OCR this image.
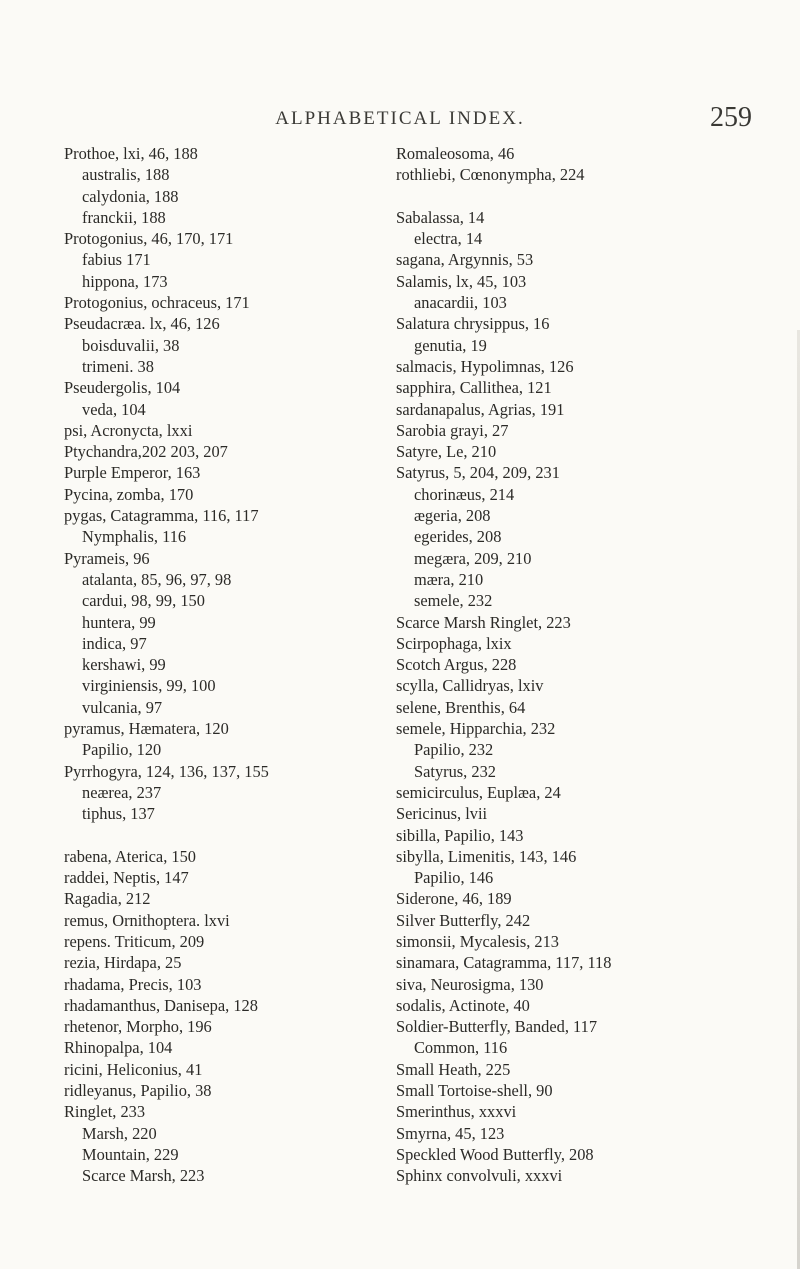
ALPHABETICAL INDEX.	259
Prothoe, lxi, 46, 188
australis, 188
calydonia, 188
franckii, 188
Protogonius, 46, 170, 171
fabius 171
hippona, 173
Protogonius, ochraceus, 171
Pseudacræa. lx, 46, 126
boisduvalii, 38
trimeni. 38
Pseudergolis, 104
veda, 104
psi, Acronycta, lxxi
Ptychandra,202 203, 207
Purple Emperor, 163
Pycina, zomba, 170
pygas, Catagramma, 116, 117
Nymphalis, 116
Pyrameis, 96
atalanta, 85, 96, 97, 98
cardui, 98, 99, 150
huntera, 99
indica, 97
kershawi, 99
virginiensis, 99, 100
vulcania, 97
pyramus, Hæmatera, 120
Papilio, 120
Pyrrhogyra, 124, 136, 137, 155
neærea, 237
tiphus, 137
rabena, Aterica, 150
raddei, Neptis, 147
Ragadia, 212
remus, Ornithoptera. lxvi
repens. Triticum, 209
rezia, Hirdapa, 25
rhadama, Precis, 103
rhadamanthus, Danisepa, 128
rhetenor, Morpho, 196
Rhinopalpa, 104
ricini, Heliconius, 41
ridleyanus, Papilio, 38
Ringlet, 233
Marsh, 220
Mountain, 229
Scarce Marsh, 223
Romaleosoma, 46
rothliebi, Cœnonympha, 224
Sabalassa, 14
electra, 14
sagana, Argynnis, 53
Salamis, lx, 45, 103
anacardii, 103
Salatura chrysippus, 16
genutia, 19
salmacis, Hypolimnas, 126
sapphira, Callithea, 121
sardanapalus, Agrias, 191
Sarobia grayi, 27
Satyre, Le, 210
Satyrus, 5, 204, 209, 231
chorinæus, 214
ægeria, 208
egerides, 208
megæra, 209, 210
mæra, 210
semele, 232
Scarce Marsh Ringlet, 223
Scirpophaga, lxix
Scotch Argus, 228
scylla, Callidryas, lxiv
selene, Brenthis, 64
semele, Hipparchia, 232
Papilio, 232
Satyrus, 232
semicirculus, Euplæa, 24
Sericinus, lvii
sibilla, Papilio, 143
sibylla, Limenitis, 143, 146
Papilio, 146
Siderone, 46, 189
Silver Butterfly, 242
simonsii, Mycalesis, 213
sinamara, Catagramma, 117, 118
siva, Neurosigma, 130
sodalis, Actinote, 40
Soldier-Butterfly, Banded, 117
Common, 116
Small Heath, 225
Small Tortoise-shell, 90
Smerinthus, xxxvi
Smyrna, 45, 123
Speckled Wood Butterfly, 208
Sphinx convolvuli, xxxvi
